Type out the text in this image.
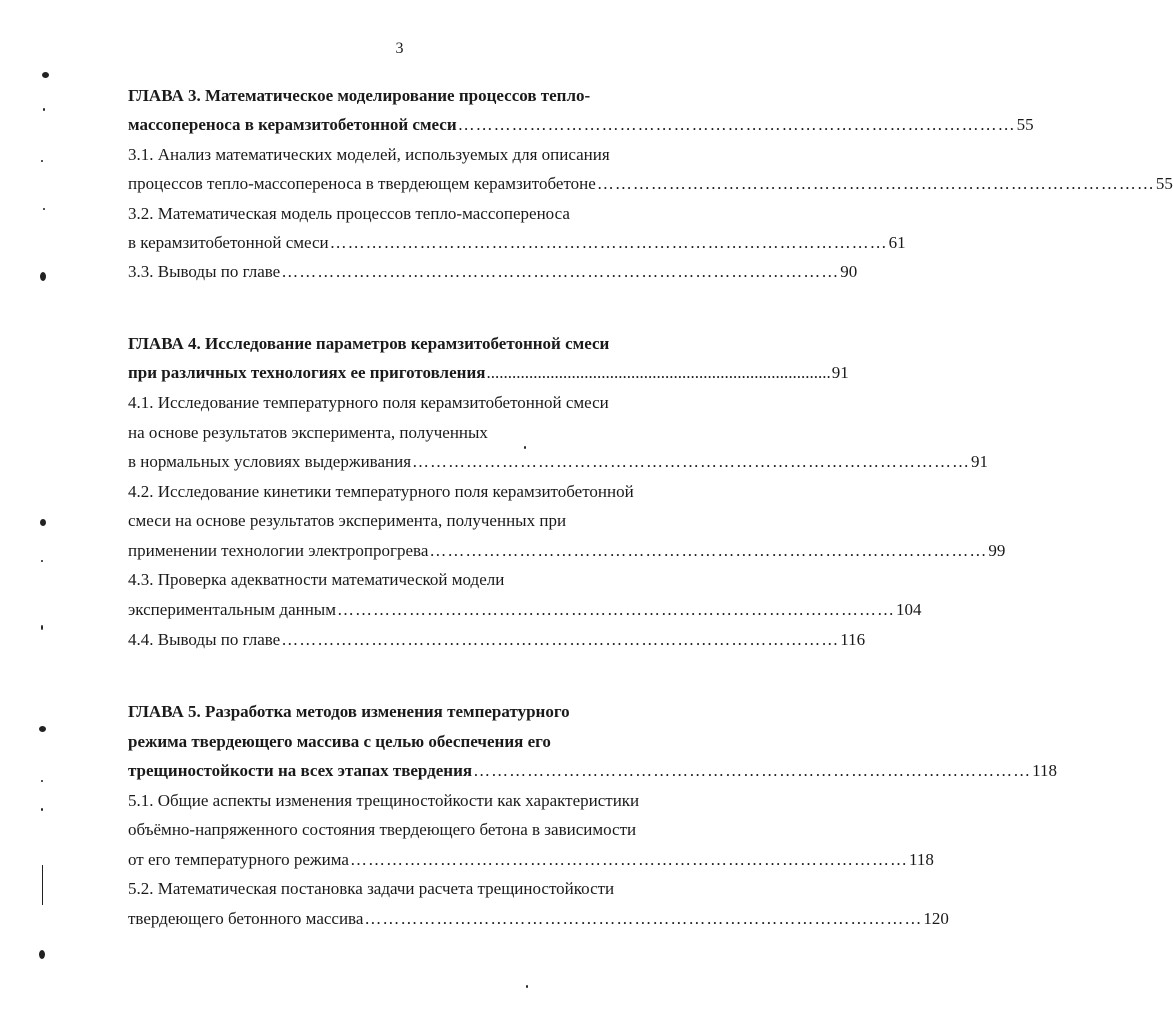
3
ГЛАВА 3. Математическое моделирование процессов тепло-
массопереноса в керамзитобетонной смеси ………………………………………………………………………………… 55
3.1. Анализ математических моделей, используемых для описания
процессов тепло-массопереноса в твердеющем керамзитобетоне ………………………………………………………………………………… 55
3.2. Математическая модель процессов тепло-массопереноса
в керамзитобетонной смеси ………………………………………………………………………………… 61
3.3. Выводы по главе ………………………………………………………………………………… 90
ГЛАВА 4. Исследование параметров керамзитобетонной смеси
при различных технологиях ее приготовления ................................................................................. 91
4.1. Исследование температурного поля керамзитобетонной смеси
на основе результатов эксперимента, полученных
в нормальных условиях выдерживания ………………………………………………………………………………… 91
4.2. Исследование кинетики температурного поля керамзитобетонной
смеси на основе результатов эксперимента, полученных при
применении технологии электропрогрева ………………………………………………………………………………… 99
4.3. Проверка адекватности математической модели
экспериментальным данным ………………………………………………………………………………… 104
4.4. Выводы по главе ………………………………………………………………………………… 116
ГЛАВА 5. Разработка методов изменения температурного
режима твердеющего массива с целью обеспечения его
трещиностойкости на всех этапах твердения ………………………………………………………………………………… 118
5.1. Общие аспекты изменения трещиностойкости как характеристики
объёмно-напряженного состояния твердеющего бетона в зависимости
от его температурного режима ………………………………………………………………………………… 118
5.2. Математическая постановка задачи расчета трещиностойкости
твердеющего бетонного массива ………………………………………………………………………………… 120
